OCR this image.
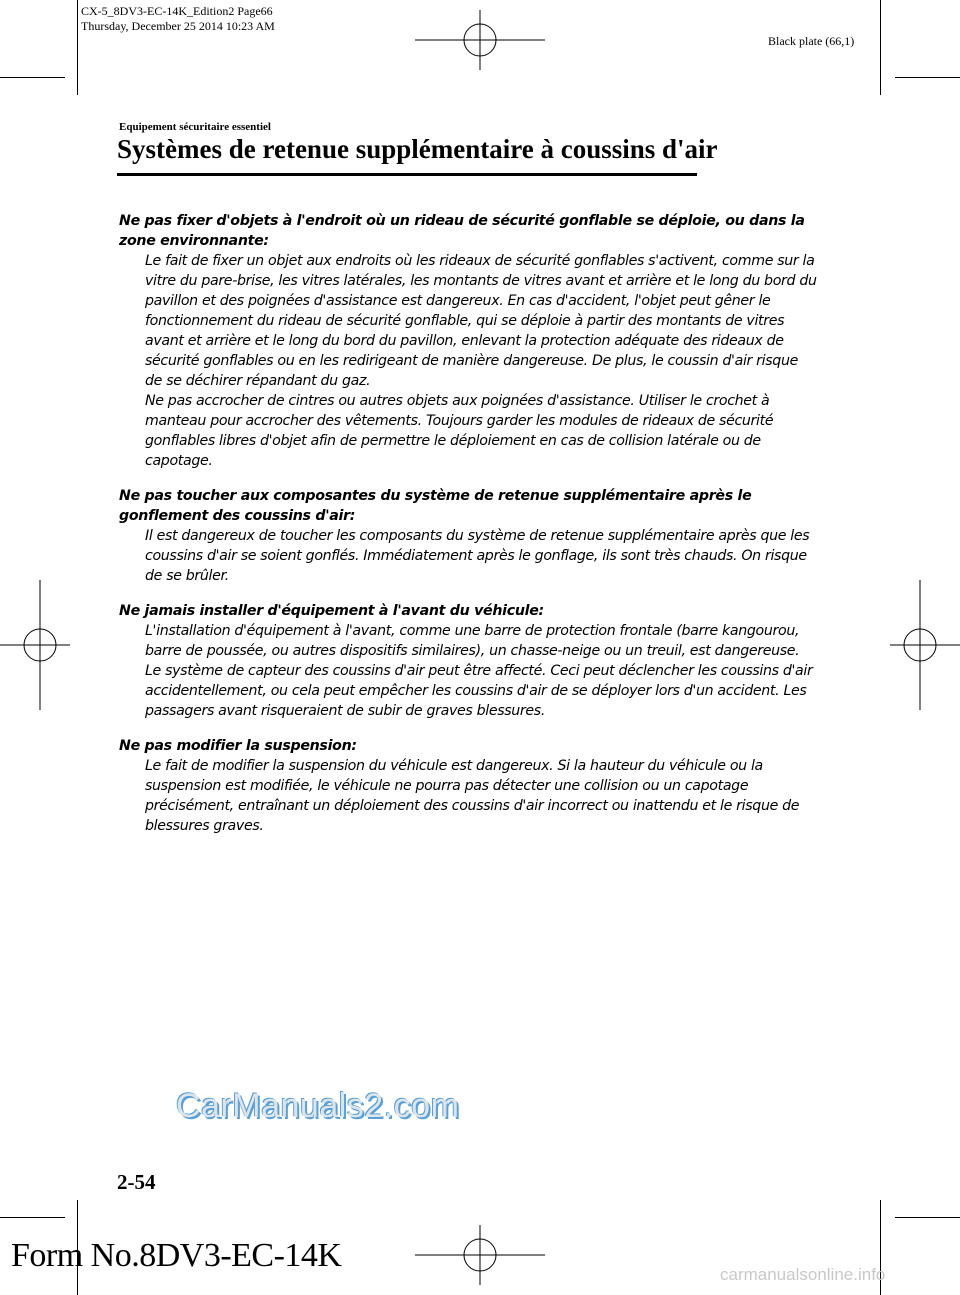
CX-5_8DV3-EC-14K_Edition2 Page66
Thursday, December 25 2014 10:23 AM
Black plate (66,1)
Equipement sécuritaire essentiel
Systèmes de retenue supplémentaire à coussins d'air
Ne pas fixer d'objets à l'endroit où un rideau de sécurité gonflable se déploie, ou dans la zone environnante:
Le fait de fixer un objet aux endroits où les rideaux de sécurité gonflables s'activent, comme sur la vitre du pare-brise, les vitres latérales, les montants de vitres avant et arrière et le long du bord du pavillon et des poignées d'assistance est dangereux. En cas d'accident, l'objet peut gêner le fonctionnement du rideau de sécurité gonflable, qui se déploie à partir des montants de vitres avant et arrière et le long du bord du pavillon, enlevant la protection adéquate des rideaux de sécurité gonflables ou en les redirigeant de manière dangereuse. De plus, le coussin d'air risque de se déchirer répandant du gaz.
Ne pas accrocher de cintres ou autres objets aux poignées d'assistance. Utiliser le crochet à manteau pour accrocher des vêtements. Toujours garder les modules de rideaux de sécurité gonflables libres d'objet afin de permettre le déploiement en cas de collision latérale ou de capotage.
Ne pas toucher aux composantes du système de retenue supplémentaire après le gonflement des coussins d'air:
Il est dangereux de toucher les composants du système de retenue supplémentaire après que les coussins d'air se soient gonflés. Immédiatement après le gonflage, ils sont très chauds. On risque de se brûler.
Ne jamais installer d'équipement à l'avant du véhicule:
L'installation d'équipement à l'avant, comme une barre de protection frontale (barre kangourou, barre de poussée, ou autres dispositifs similaires), un chasse-neige ou un treuil, est dangereuse. Le système de capteur des coussins d'air peut être affecté. Ceci peut déclencher les coussins d'air accidentellement, ou cela peut empêcher les coussins d'air de se déployer lors d'un accident. Les passagers avant risqueraient de subir de graves blessures.
Ne pas modifier la suspension:
Le fait de modifier la suspension du véhicule est dangereux. Si la hauteur du véhicule ou la suspension est modifiée, le véhicule ne pourra pas détecter une collision ou un capotage précisément, entraînant un déploiement des coussins d'air incorrect ou inattendu et le risque de blessures graves.
CarManuals2.com
2-54
Form No.8DV3-EC-14K
carmanualsonline.info
